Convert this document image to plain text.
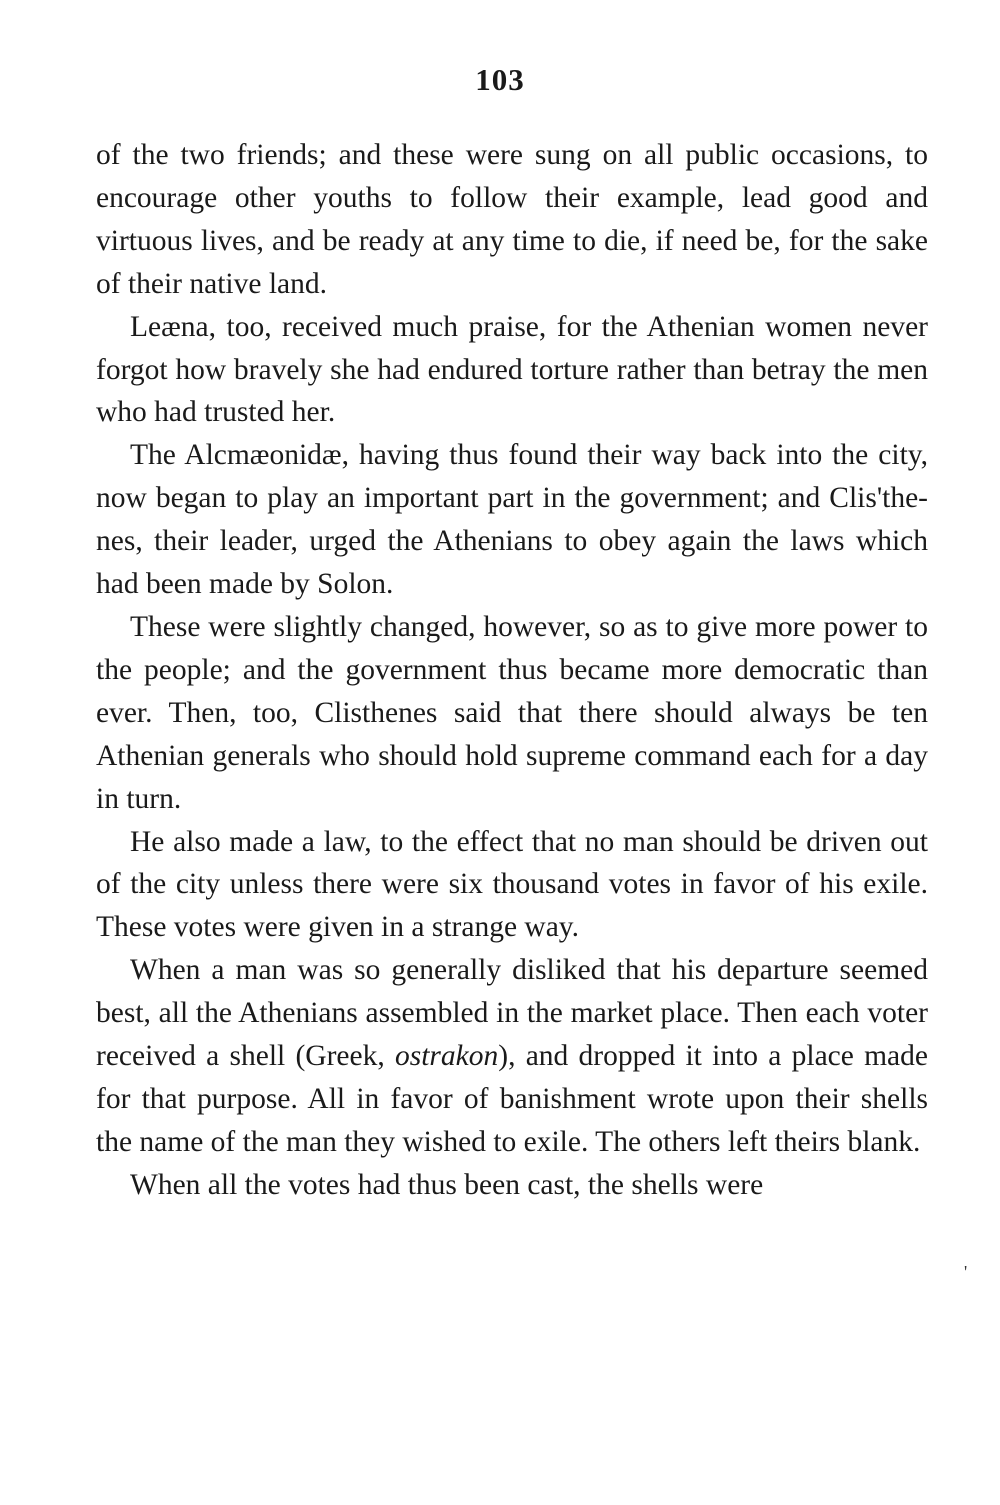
103

of the two friends; and these were sung on all public occasions, to encourage other youths to follow their example, lead good and virtuous lives, and be ready at any time to die, if need be, for the sake of their native land.

Leæna, too, received much praise, for the Athenian women never forgot how bravely she had endured torture rather than betray the men who had trusted her.

The Alcmæonidæ, having thus found their way back into the city, now began to play an important part in the government; and Clis'the-nes, their leader, urged the Athenians to obey again the laws which had been made by Solon.

These were slightly changed, however, so as to give more power to the people; and the government thus became more democratic than ever. Then, too, Clisthenes said that there should always be ten Athenian generals who should hold supreme command each for a day in turn.

He also made a law, to the effect that no man should be driven out of the city unless there were six thousand votes in favor of his exile. These votes were given in a strange way.

When a man was so generally disliked that his departure seemed best, all the Athenians assembled in the market place. Then each voter received a shell (Greek, ostrakon), and dropped it into a place made for that purpose. All in favor of banishment wrote upon their shells the name of the man they wished to exile. The others left theirs blank.

When all the votes had thus been cast, the shells were

'
